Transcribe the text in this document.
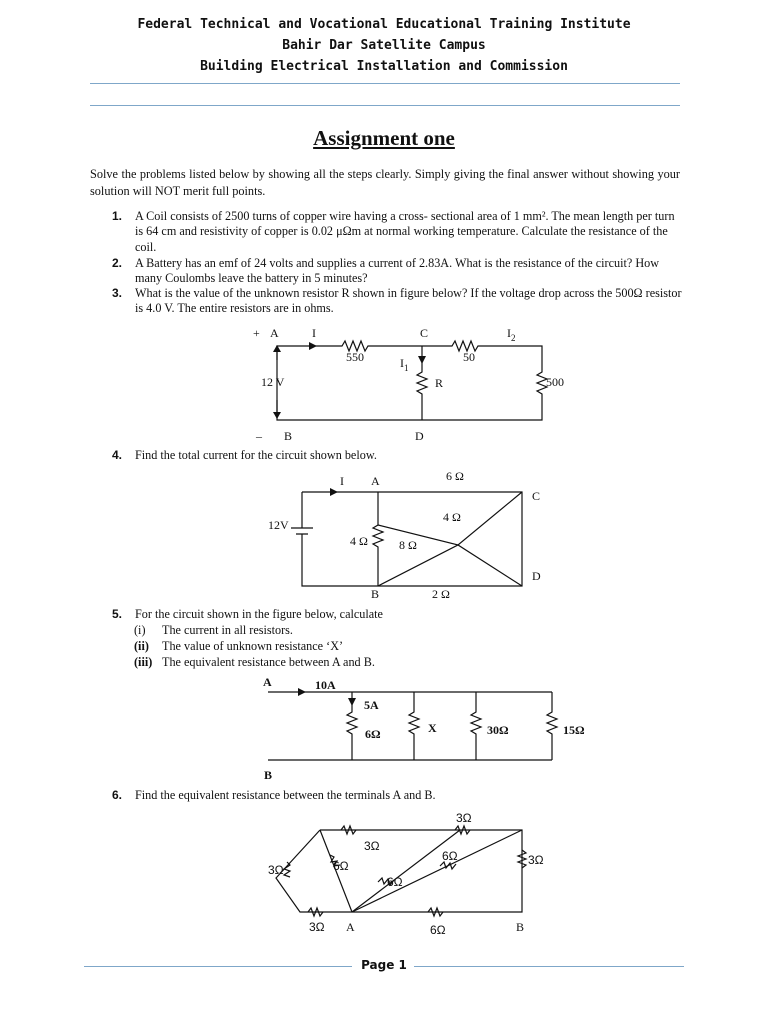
Federal Technical and Vocational Educational Training Institute
Bahir Dar Satellite Campus
Building Electrical Installation and Commission
Assignment one
Solve the problems listed below by showing all the steps clearly. Simply giving the final answer without showing your solution will NOT merit full points.
1. A Coil consists of 2500 turns of copper wire having a cross- sectional area of 1 mm². The mean length per turn is 64 cm and resistivity of copper is 0.02 μΩm at normal working temperature. Calculate the resistance of the coil.
2. A Battery has an emf of 24 volts and supplies a current of 2.83A. What is the resistance of the circuit? How many Coulombs leave the battery in 5 minutes?
3. What is the value of the unknown resistor R shown in figure below? If the voltage drop across the 500Ω resistor is 4.0 V. The entire resistors are in ohms.
+ A	I	C	$I_2$
550	50
$I_1$
R	500
12 V
– B	D
4. Find the total current for the circuit shown below.
I A	6 Ω
C
4 Ω
12V
4 Ω	8 Ω
D
B	2 Ω
5. For the circuit shown in the figure below, calculate
(i) The current in all resistors.
(ii) The value of unknown resistance ‘X’
(iii) The equivalent resistance between A and B.
A	10A
5A
6Ω	X	30Ω	15Ω
B
6. Find the equivalent resistance between the terminals A and B.
3Ω
3Ω
6Ω	3Ω
3Ω	6Ω
6Ω
3Ω A	6Ω	B
Page 1
